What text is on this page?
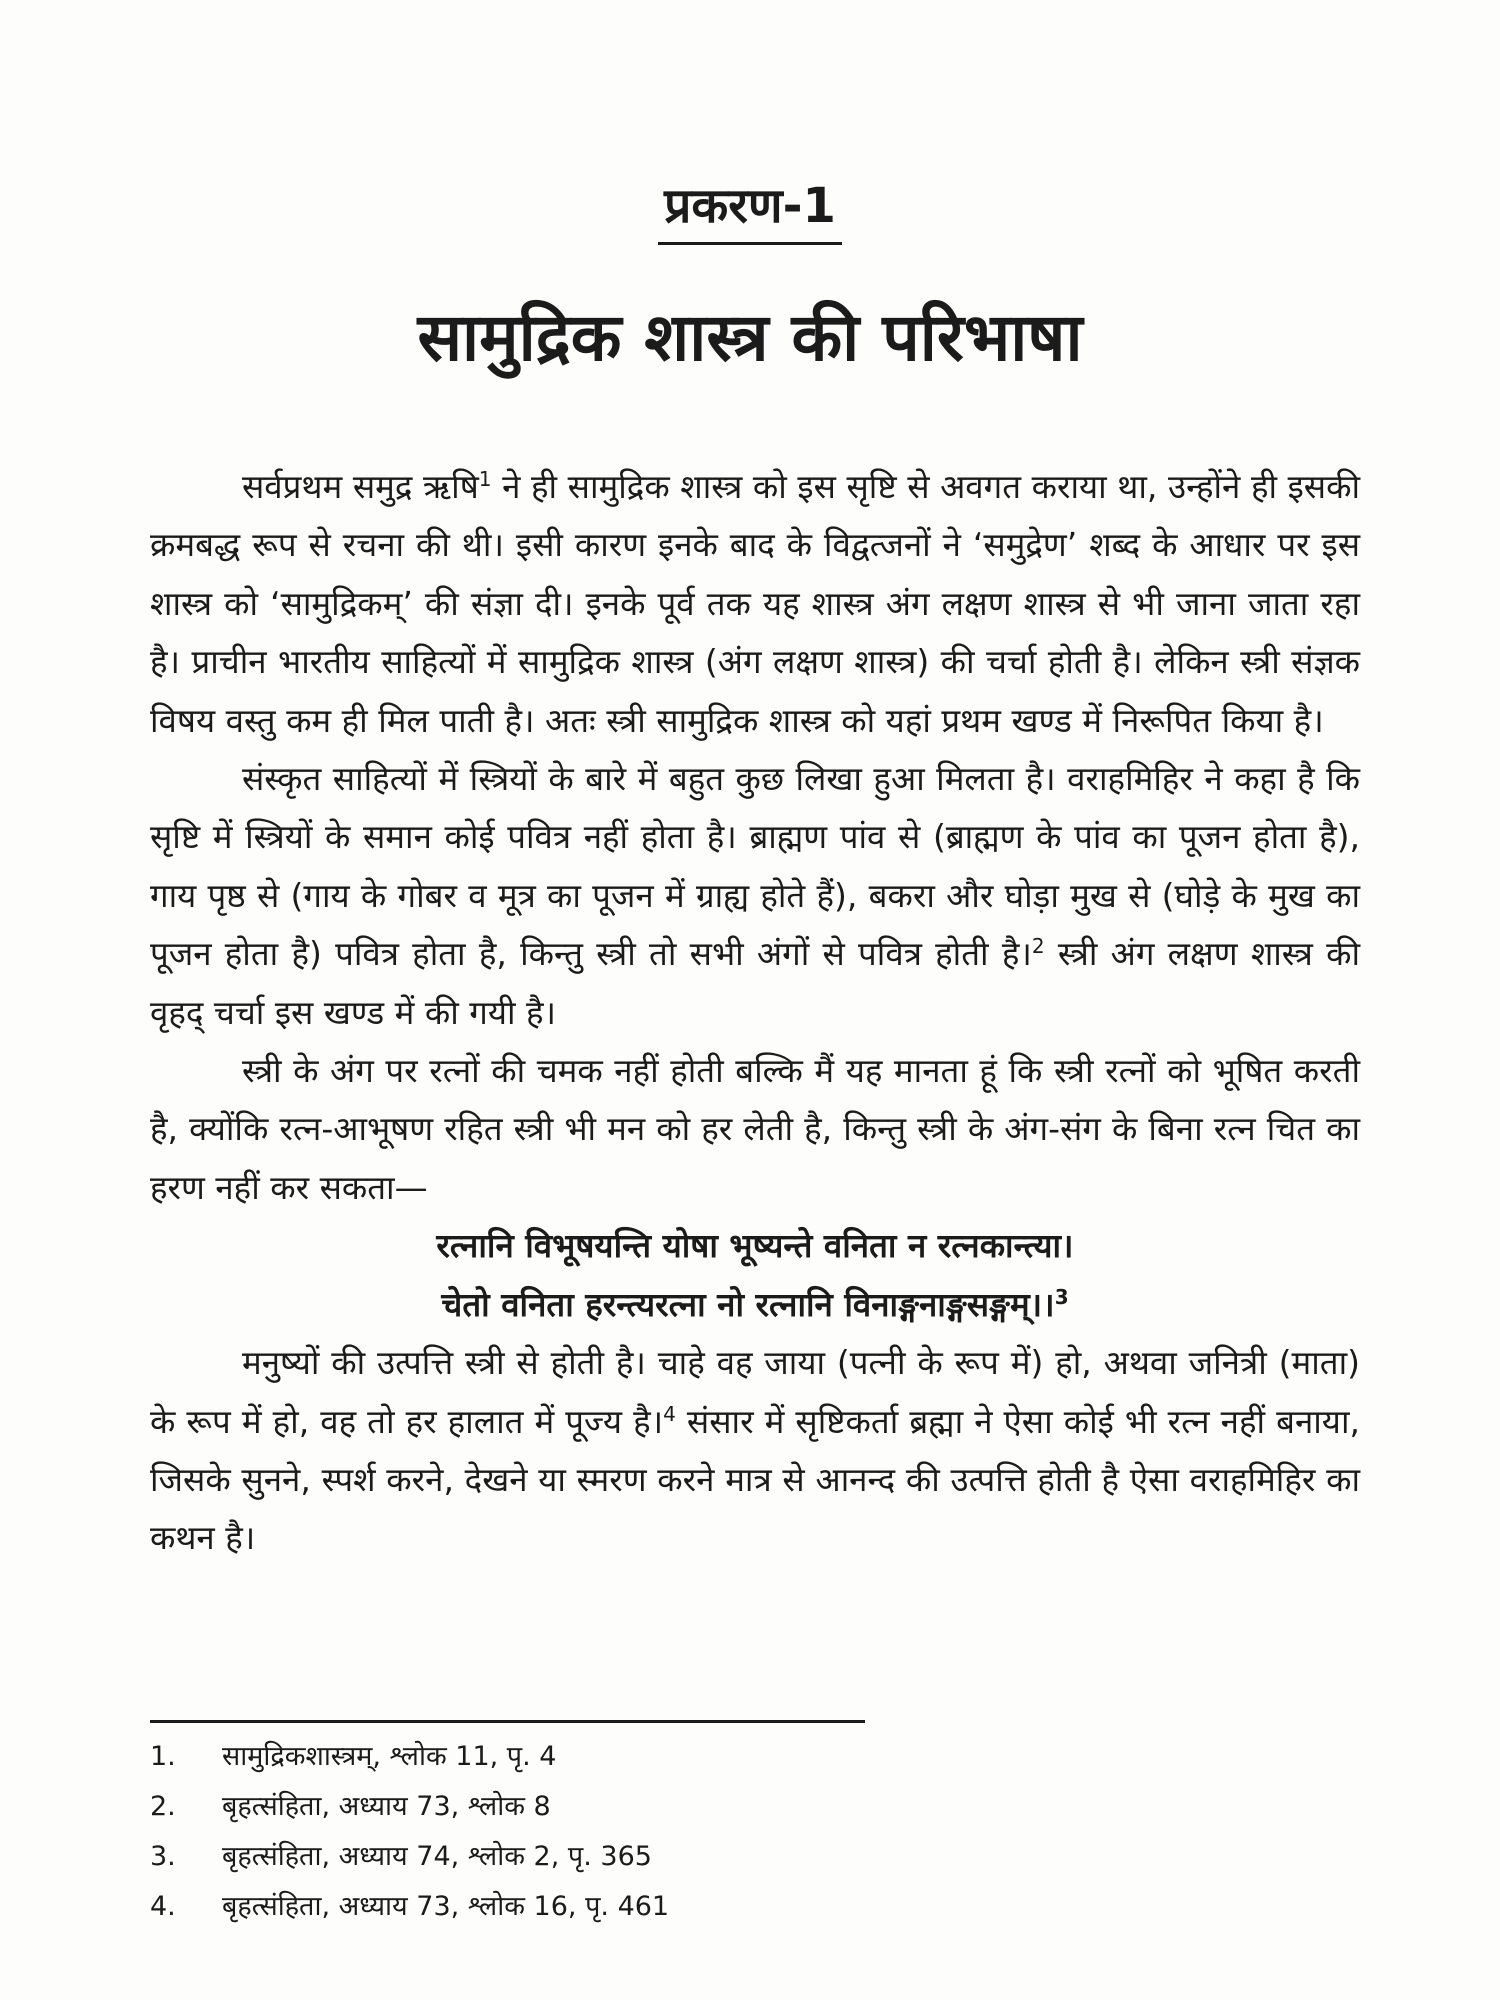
प्रकरण-1
सामुद्रिक शास्त्र की परिभाषा

सर्वप्रथम समुद्र ऋषि$^1$ ने ही सामुद्रिक शास्त्र को इस सृष्टि से अवगत कराया था, उन्होंने ही इसकी क्रमबद्ध रूप से रचना की थी। इसी कारण इनके बाद के विद्वत्जनों ने ‘समुद्रेण’ शब्द के आधार पर इस शास्त्र को ‘सामुद्रिकम्’ की संज्ञा दी। इनके पूर्व तक यह शास्त्र अंग लक्षण शास्त्र से भी जाना जाता रहा है। प्राचीन भारतीय साहित्यों में सामुद्रिक शास्त्र (अंग लक्षण शास्त्र) की चर्चा होती है। लेकिन स्त्री संज्ञक विषय वस्तु कम ही मिल पाती है। अतः स्त्री सामुद्रिक शास्त्र को यहां प्रथम खण्ड में निरूपित किया है।

संस्कृत साहित्यों में स्त्रियों के बारे में बहुत कुछ लिखा हुआ मिलता है। वराहमिहिर ने कहा है कि सृष्टि में स्त्रियों के समान कोई पवित्र नहीं होता है। ब्राह्मण पांव से (ब्राह्मण के पांव का पूजन होता है), गाय पृष्ठ से (गाय के गोबर व मूत्र का पूजन में ग्राह्य होते हैं), बकरा और घोड़ा मुख से (घोड़े के मुख का पूजन होता है) पवित्र होता है, किन्तु स्त्री तो सभी अंगों से पवित्र होती है।$^2$ स्त्री अंग लक्षण शास्त्र की वृहद् चर्चा इस खण्ड में की गयी है।

स्त्री के अंग पर रत्नों की चमक नहीं होती बल्कि मैं यह मानता हूं कि स्त्री रत्नों को भूषित करती है, क्योंकि रत्न-आभूषण रहित स्त्री भी मन को हर लेती है, किन्तु स्त्री के अंग-संग के बिना रत्न चित का हरण नहीं कर सकता—

रत्नानि विभूषयन्ति योषा भूष्यन्ते वनिता न रत्नकान्त्या।

चेतो वनिता हरन्त्यरत्ना नो रत्नानि विनाङ्गनाङ्गसङ्गम्।।$^3$

मनुष्यों की उत्पत्ति स्त्री से होती है। चाहे वह जाया (पत्नी के रूप में) हो, अथवा जनित्री (माता) के रूप में हो, वह तो हर हालात में पूज्य है।$^4$ संसार में सृष्टिकर्ता ब्रह्मा ने ऐसा कोई भी रत्न नहीं बनाया, जिसके सुनने, स्पर्श करने, देखने या स्मरण करने मात्र से आनन्द की उत्पत्ति होती है ऐसा वराहमिहिर का कथन है।

1.	सामुद्रिकशास्त्रम्, श्लोक 11, पृ. 4
2.	बृहत्संहिता, अध्याय 73, श्लोक 8
3.	बृहत्संहिता, अध्याय 74, श्लोक 2, पृ. 365
4.	बृहत्संहिता, अध्याय 73, श्लोक 16, पृ. 461
